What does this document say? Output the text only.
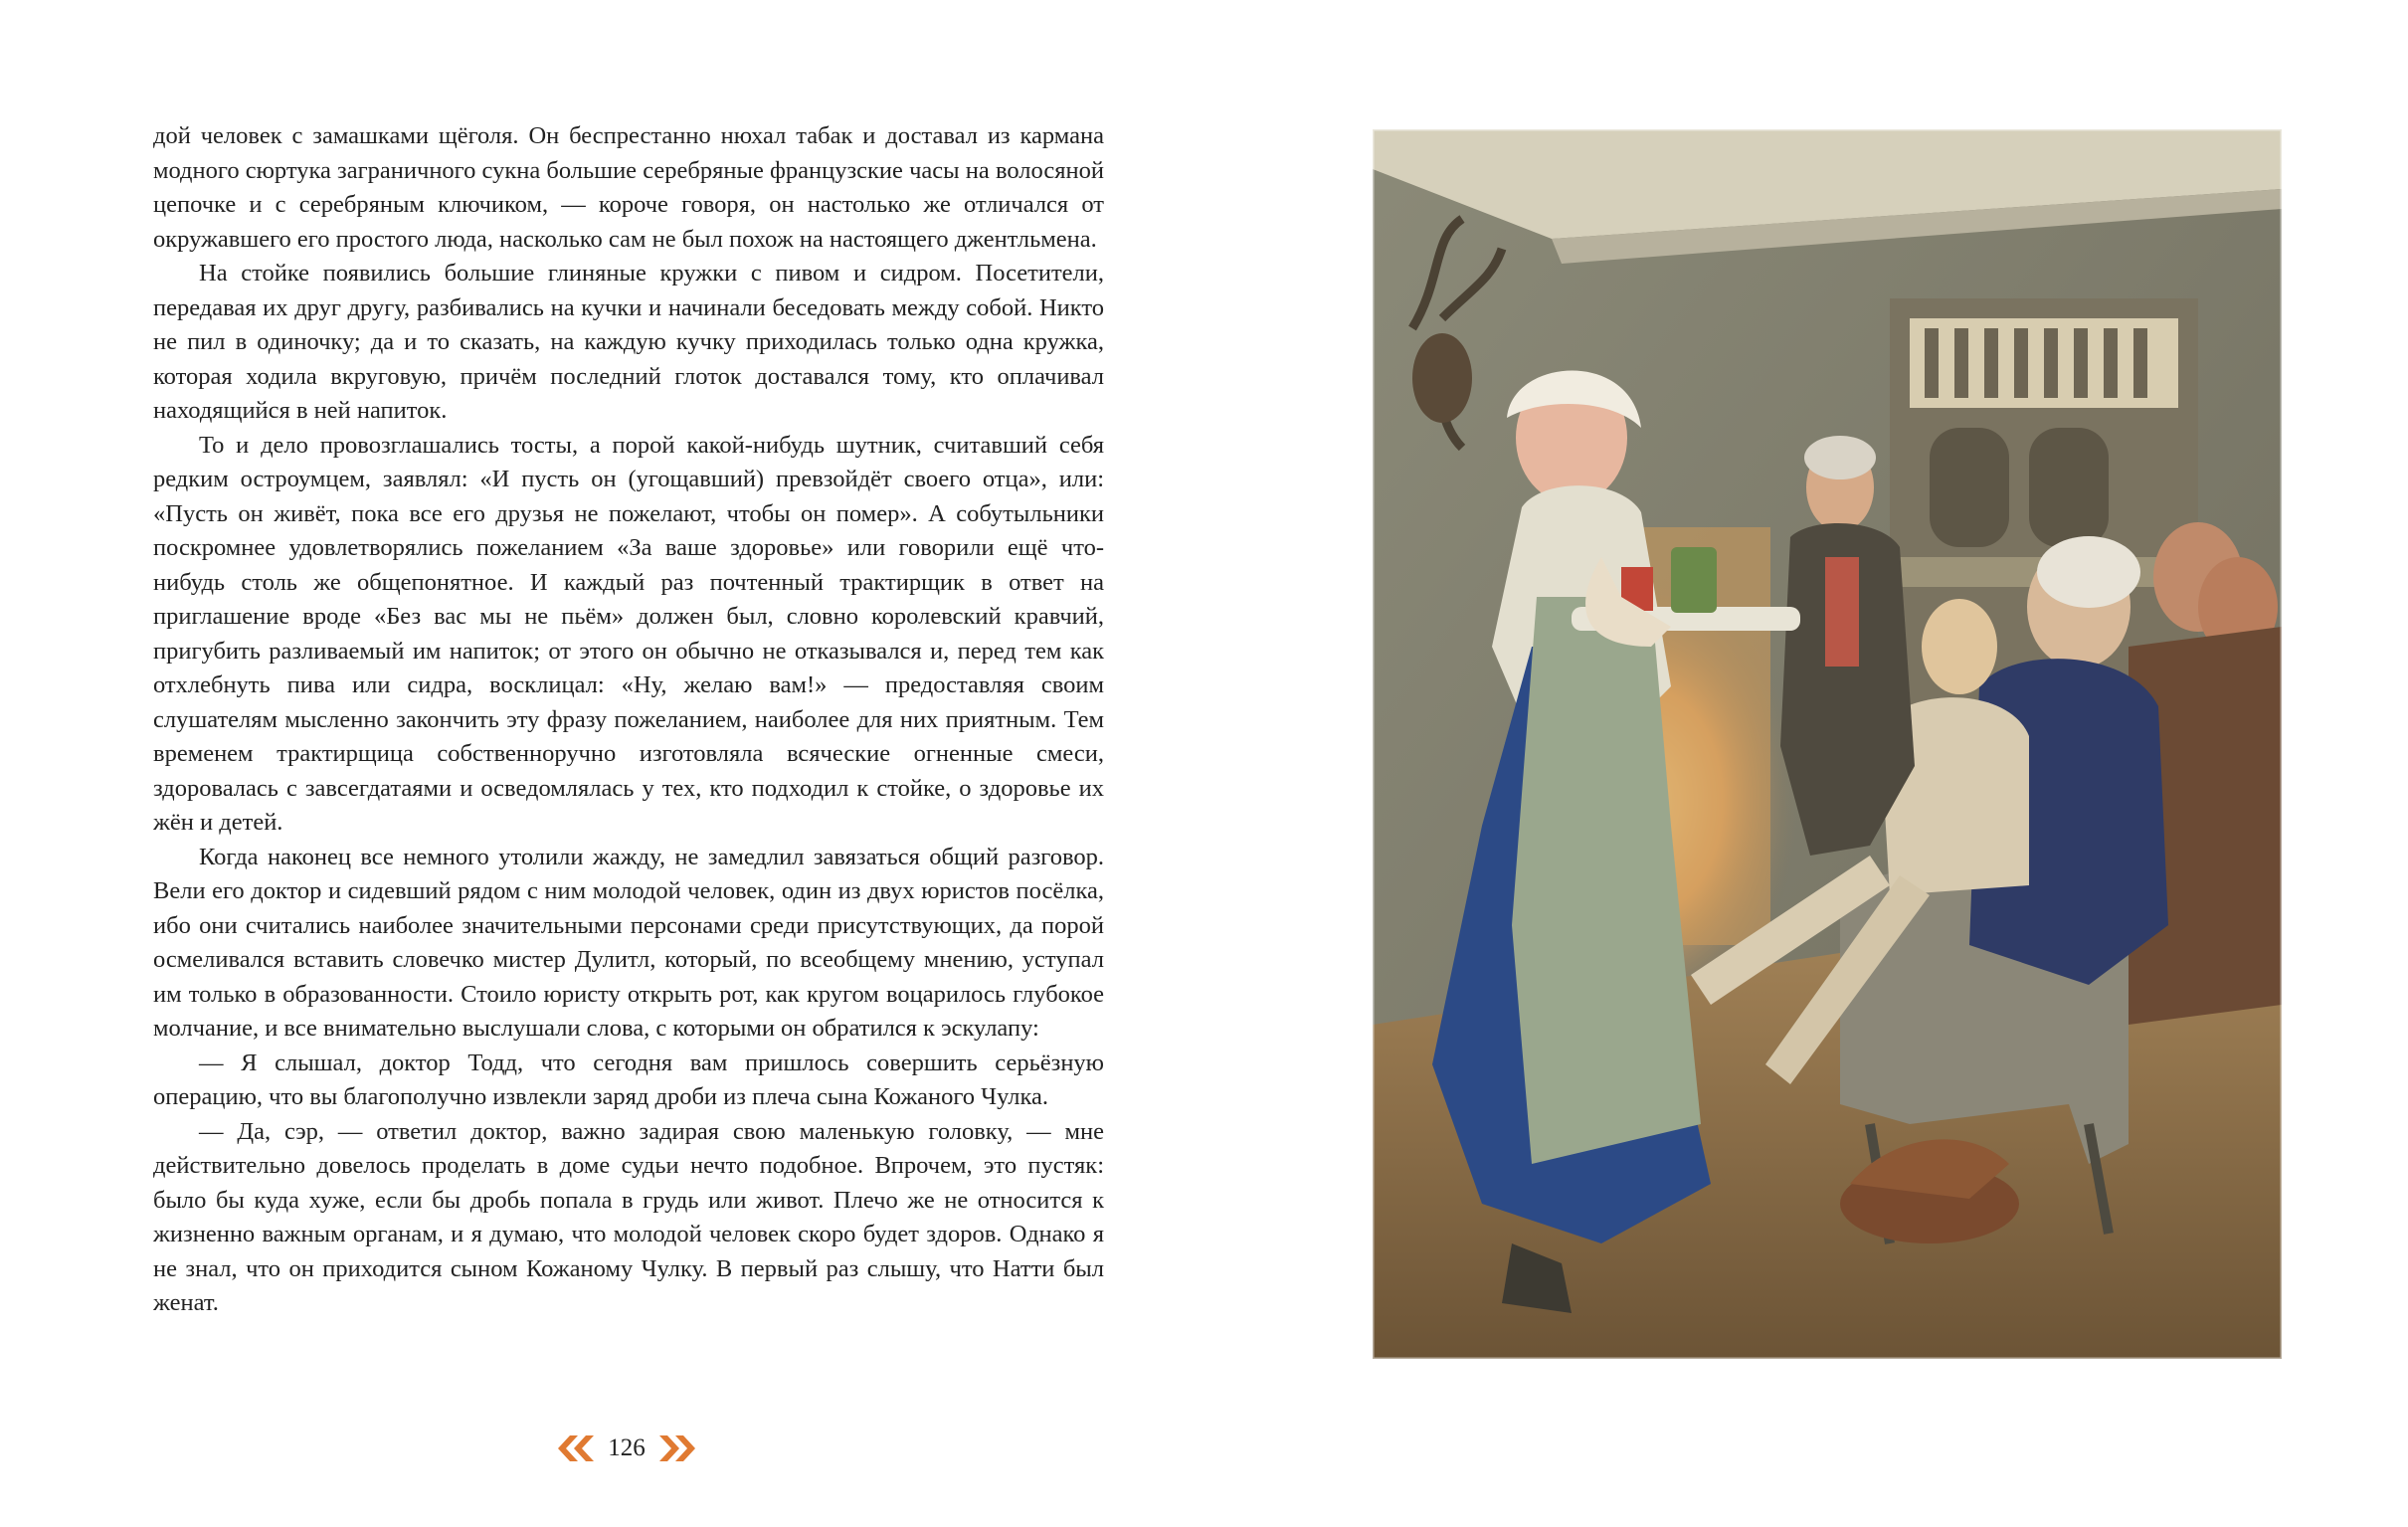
дой человек с замашками щёголя. Он беспрестанно нюхал табак и доставал из кармана модного сюртука заграничного сукна большие серебряные французские часы на волосяной цепочке и с серебряным ключиком, — короче говоря, он настолько же отличался от окружавшего его простого люда, насколько сам не был похож на настоящего джентльмена.

На стойке появились большие глиняные кружки с пивом и сидром. Посетители, передавая их друг другу, разбивались на кучки и начинали беседовать между собой. Никто не пил в одиночку; да и то сказать, на каждую кучку приходилась только одна кружка, которая ходила вкруговую, причём последний глоток доставался тому, кто оплачивал находящийся в ней напиток.

То и дело провозглашались тосты, а порой какой-нибудь шутник, считавший себя редким остроумцем, заявлял: «И пусть он (угощавший) превзойдёт своего отца», или: «Пусть он живёт, пока все его друзья не пожелают, чтобы он помер». А собутыльники поскромнее удовлетворялись пожеланием «За ваше здоровье» или говорили ещё что-нибудь столь же общепонятное. И каждый раз почтенный трактирщик в ответ на приглашение вроде «Без вас мы не пьём» должен был, словно королевский кравчий, пригубить разливаемый им напиток; от этого он обычно не отказывался и, перед тем как отхлебнуть пива или сидра, восклицал: «Ну, желаю вам!» — предоставляя своим слушателям мысленно закончить эту фразу пожеланием, наиболее для них приятным. Тем временем трактирщица собственноручно изготовляла всяческие огненные смеси, здоровалась с завсегдатаями и осведомлялась у тех, кто подходил к стойке, о здоровье их жён и детей.

Когда наконец все немного утолили жажду, не замедлил завязаться общий разговор. Вели его доктор и сидевший рядом с ним молодой человек, один из двух юристов посёлка, ибо они считались наиболее значительными персонами среди присутствующих, да порой осмеливался вставить словечко мистер Дулитл, который, по всеобщему мнению, уступал им только в образованности. Стоило юристу открыть рот, как кругом воцарилось глубокое молчание, и все внимательно выслушали слова, с которыми он обратился к эскулапу:

— Я слышал, доктор Тодд, что сегодня вам пришлось совершить серьёзную операцию, что вы благополучно извлекли заряд дроби из плеча сына Кожаного Чулка.

— Да, сэр, — ответил доктор, важно задирая свою маленькую головку, — мне действительно довелось проделать в доме судьи нечто подобное. Впрочем, это пустяк: было бы куда хуже, если бы дробь попала в грудь или живот. Плечо же не относится к жизненно важным органам, и я думаю, что молодой человек скоро будет здоров. Однако я не знал, что он приходится сыном Кожаному Чулку. В первый раз слышу, что Натти был женат.

126
